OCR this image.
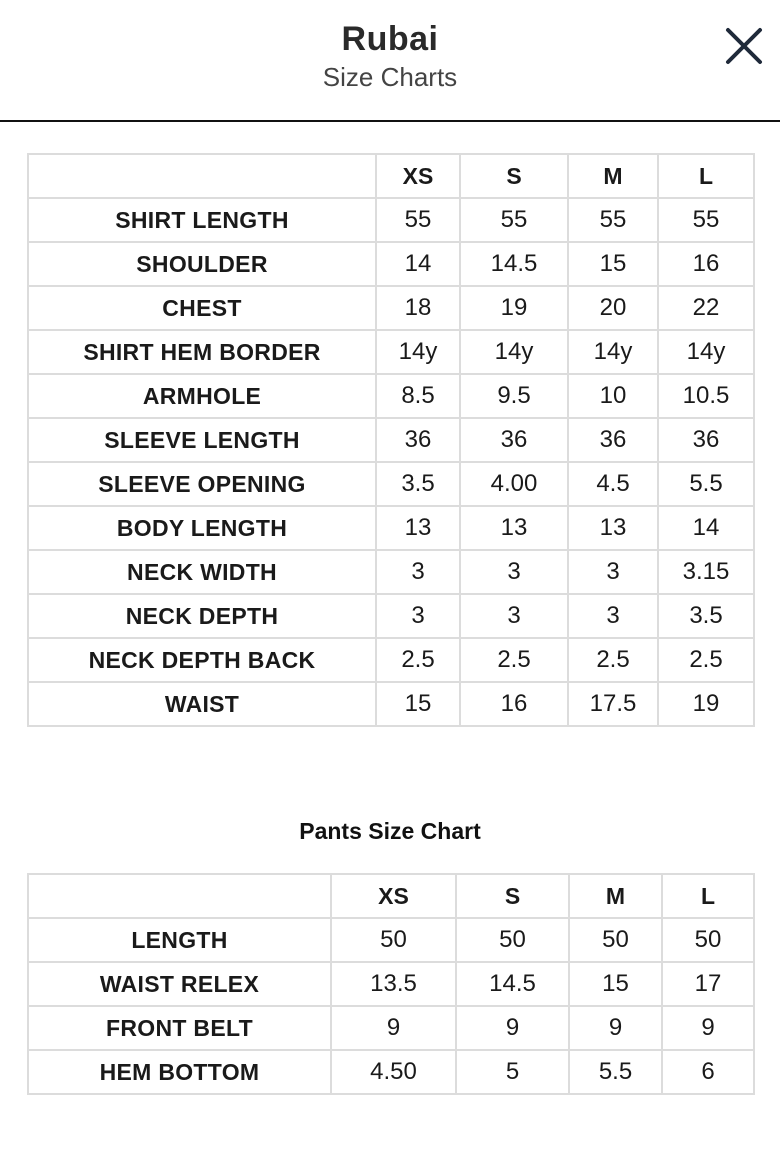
Rubai
Size Charts
	XS	S	M	L
SHIRT LENGTH	55	55	55	55
SHOULDER	14	14.5	15	16
CHEST	18	19	20	22
SHIRT HEM BORDER	14y	14y	14y	14y
ARMHOLE	8.5	9.5	10	10.5
SLEEVE LENGTH	36	36	36	36
SLEEVE OPENING	3.5	4.00	4.5	5.5
BODY LENGTH	13	13	13	14
NECK WIDTH	3	3	3	3.15
NECK DEPTH	3	3	3	3.5
NECK DEPTH BACK	2.5	2.5	2.5	2.5
WAIST	15	16	17.5	19
Pants Size Chart
	XS	S	M	L
LENGTH	50	50	50	50
WAIST RELEX	13.5	14.5	15	17
FRONT BELT	9	9	9	9
HEM BOTTOM	4.50	5	5.5	6
